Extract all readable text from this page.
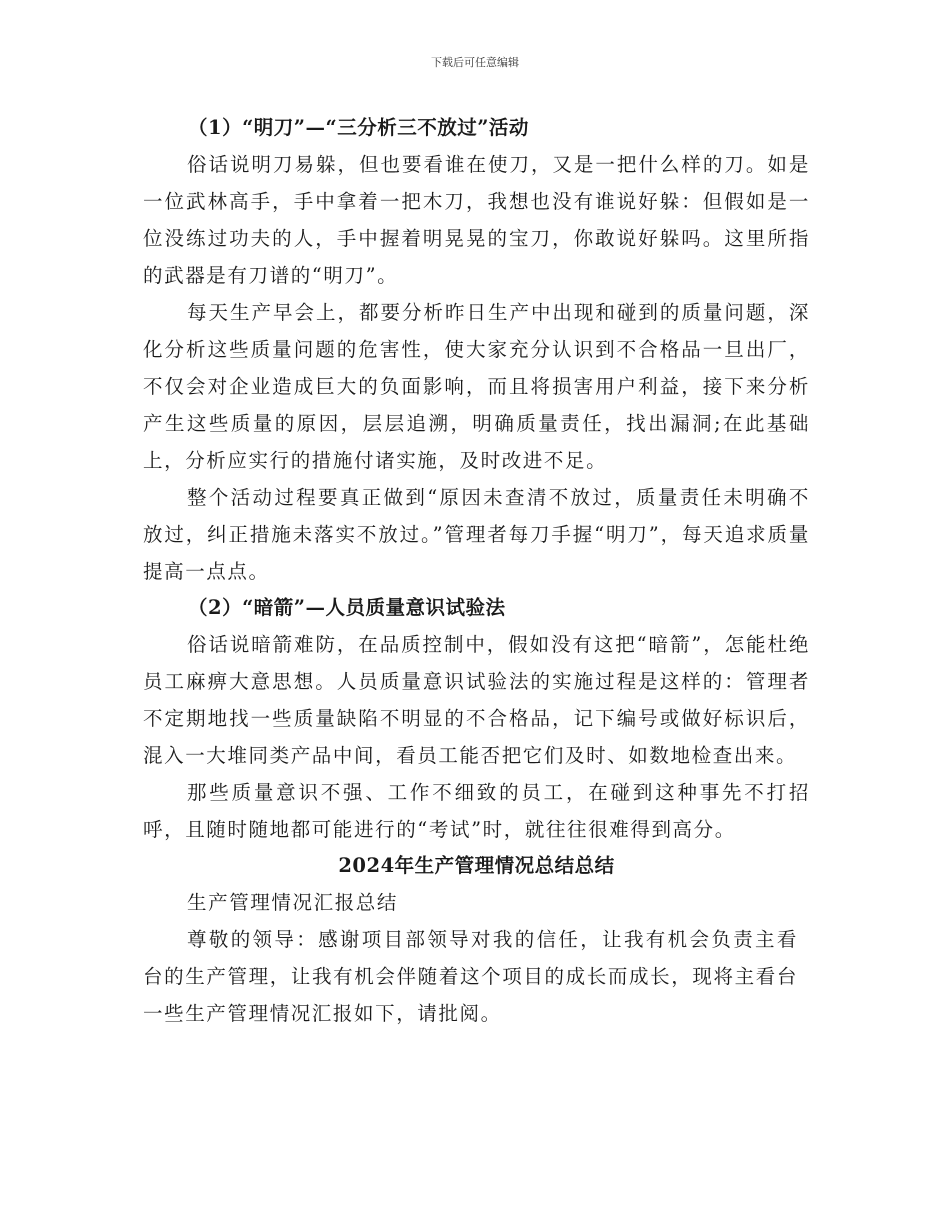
下载后可任意编辑

（1）“明刀”—“三分析三不放过”活动

俗话说明刀易躲，但也要看谁在使刀，又是一把什么样的刀。如是一位武林高手，手中拿着一把木刀，我想也没有谁说好躲：但假如是一位没练过功夫的人，手中握着明晃晃的宝刀，你敢说好躲吗。这里所指的武器是有刀谱的“明刀”。

每天生产早会上，都要分析昨日生产中出现和碰到的质量问题，深化分析这些质量问题的危害性，使大家充分认识到不合格品一旦出厂，不仅会对企业造成巨大的负面影响，而且将损害用户利益，接下来分析产生这些质量的原因，层层追溯，明确质量责任，找出漏洞;在此基础上，分析应实行的措施付诸实施，及时改进不足。

整个活动过程要真正做到“原因未查清不放过，质量责任未明确不放过，纠正措施未落实不放过。”管理者每刀手握“明刀”，每天追求质量提高一点点。

（2）“暗箭”—人员质量意识试验法

俗话说暗箭难防，在品质控制中，假如没有这把“暗箭”，怎能杜绝员工麻痹大意思想。人员质量意识试验法的实施过程是这样的：管理者不定期地找一些质量缺陷不明显的不合格品，记下编号或做好标识后，混入一大堆同类产品中间，看员工能否把它们及时、如数地检查出来。

那些质量意识不强、工作不细致的员工，在碰到这种事先不打招呼，且随时随地都可能进行的“考试”时，就往往很难得到高分。

2024年生产管理情况总结总结

生产管理情况汇报总结

尊敬的领导：感谢项目部领导对我的信任，让我有机会负责主看台的生产管理，让我有机会伴随着这个项目的成长而成长，现将主看台一些生产管理情况汇报如下，请批阅。
